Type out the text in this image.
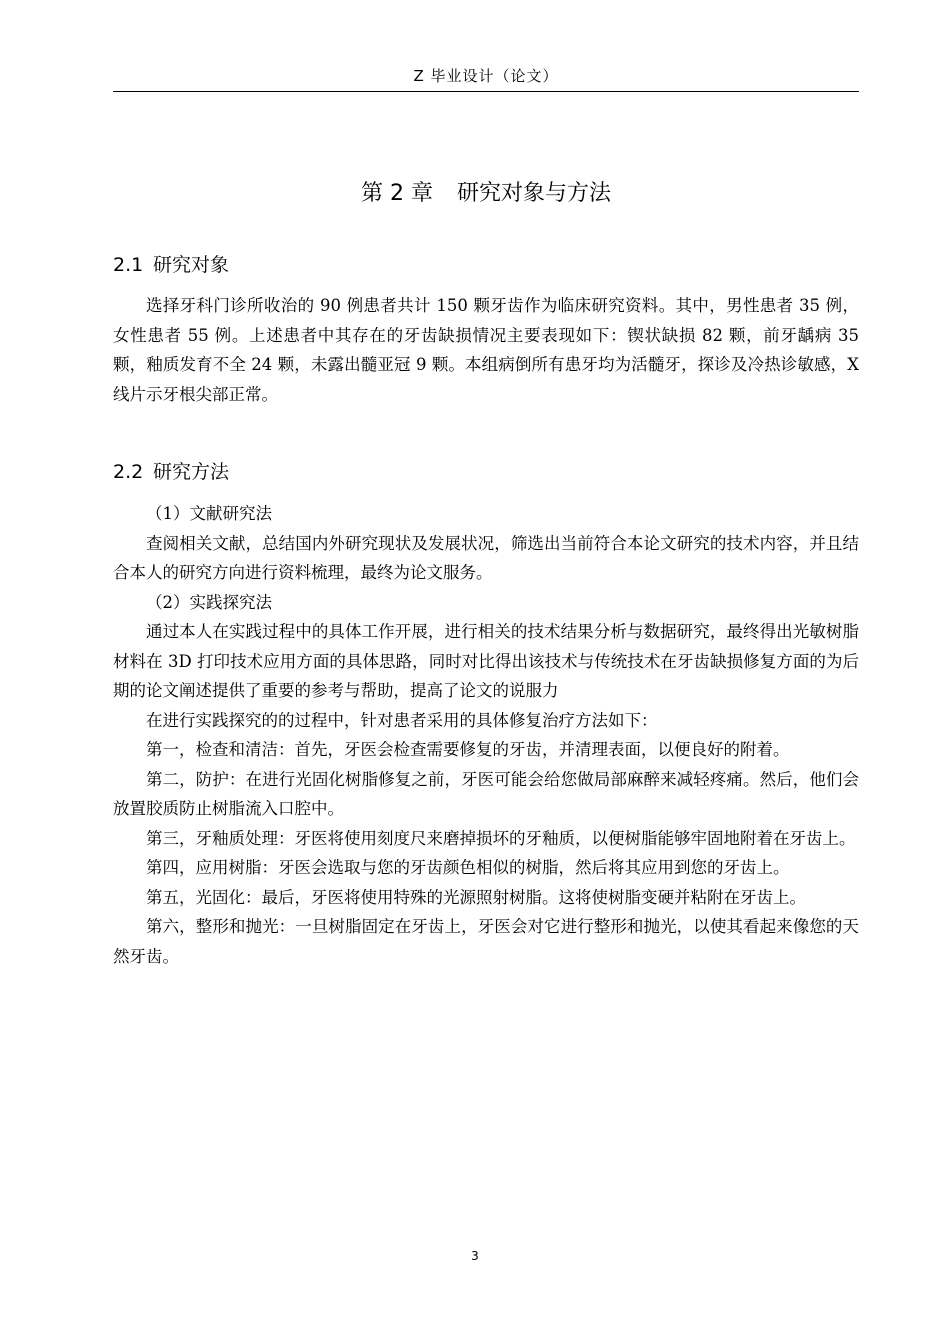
Z 毕业设计（论文）
第 2 章 研究对象与方法
2.1 研究对象

选择牙科门诊所收治的 90 例患者共计 150 颗牙齿作为临床研究资料。其中，男性患者 35 例，女性患者 55 例。上述患者中其存在的牙齿缺损情况主要表现如下：锲状缺损 82 颗，前牙龋病 35 颗，釉质发育不全 24 颗，未露出髓亚冠 9 颗。本组病倒所有患牙均为活髓牙，探诊及冷热诊敏感，X 线片示牙根尖部正常。

2.2 研究方法

（1）文献研究法

查阅相关文献，总结国内外研究现状及发展状况，筛选出当前符合本论文研究的技术内容，并且结合本人的研究方向进行资料梳理，最终为论文服务。

（2）实践探究法

通过本人在实践过程中的具体工作开展，进行相关的技术结果分析与数据研究，最终得出光敏树脂材料在 3D 打印技术应用方面的具体思路，同时对比得出该技术与传统技术在牙齿缺损修复方面的为后期的论文阐述提供了重要的参考与帮助，提高了论文的说服力

在进行实践探究的的过程中，针对患者采用的具体修复治疗方法如下：

第一，检查和清洁：首先，牙医会检查需要修复的牙齿，并清理表面，以便良好的附着。

第二，防护：在进行光固化树脂修复之前，牙医可能会给您做局部麻醉来减轻疼痛。然后，他们会放置胶质防止树脂流入口腔中。

第三，牙釉质处理：牙医将使用刻度尺来磨掉损坏的牙釉质，以便树脂能够牢固地附着在牙齿上。

第四，应用树脂：牙医会选取与您的牙齿颜色相似的树脂，然后将其应用到您的牙齿上。

第五，光固化：最后，牙医将使用特殊的光源照射树脂。这将使树脂变硬并粘附在牙齿上。

第六，整形和抛光：一旦树脂固定在牙齿上，牙医会对它进行整形和抛光，以使其看起来像您的天然牙齿。

3
